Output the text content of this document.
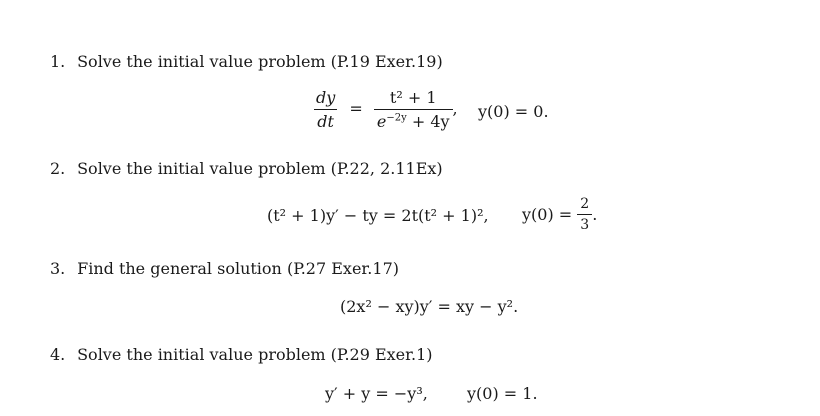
1. Solve the initial value problem (P.19 Exer.19)
$\frac{dy}{dt} = \frac{\text{t² + 1}}{e^{-2y} + 4y}$ , y(0) = 0.
2. Solve the initial value problem (P.22, 2.11Ex)
(t² + 1)y′ − ty = 2t(t² + 1)², $y(0) = \frac{2}{3}$ .
3. Find the general solution (P.27 Exer.17)
(2x² − xy)y′ = xy − y².
4. Solve the initial value problem (P.29 Exer.1)
y′ + y = −y³, y(0) = 1.
